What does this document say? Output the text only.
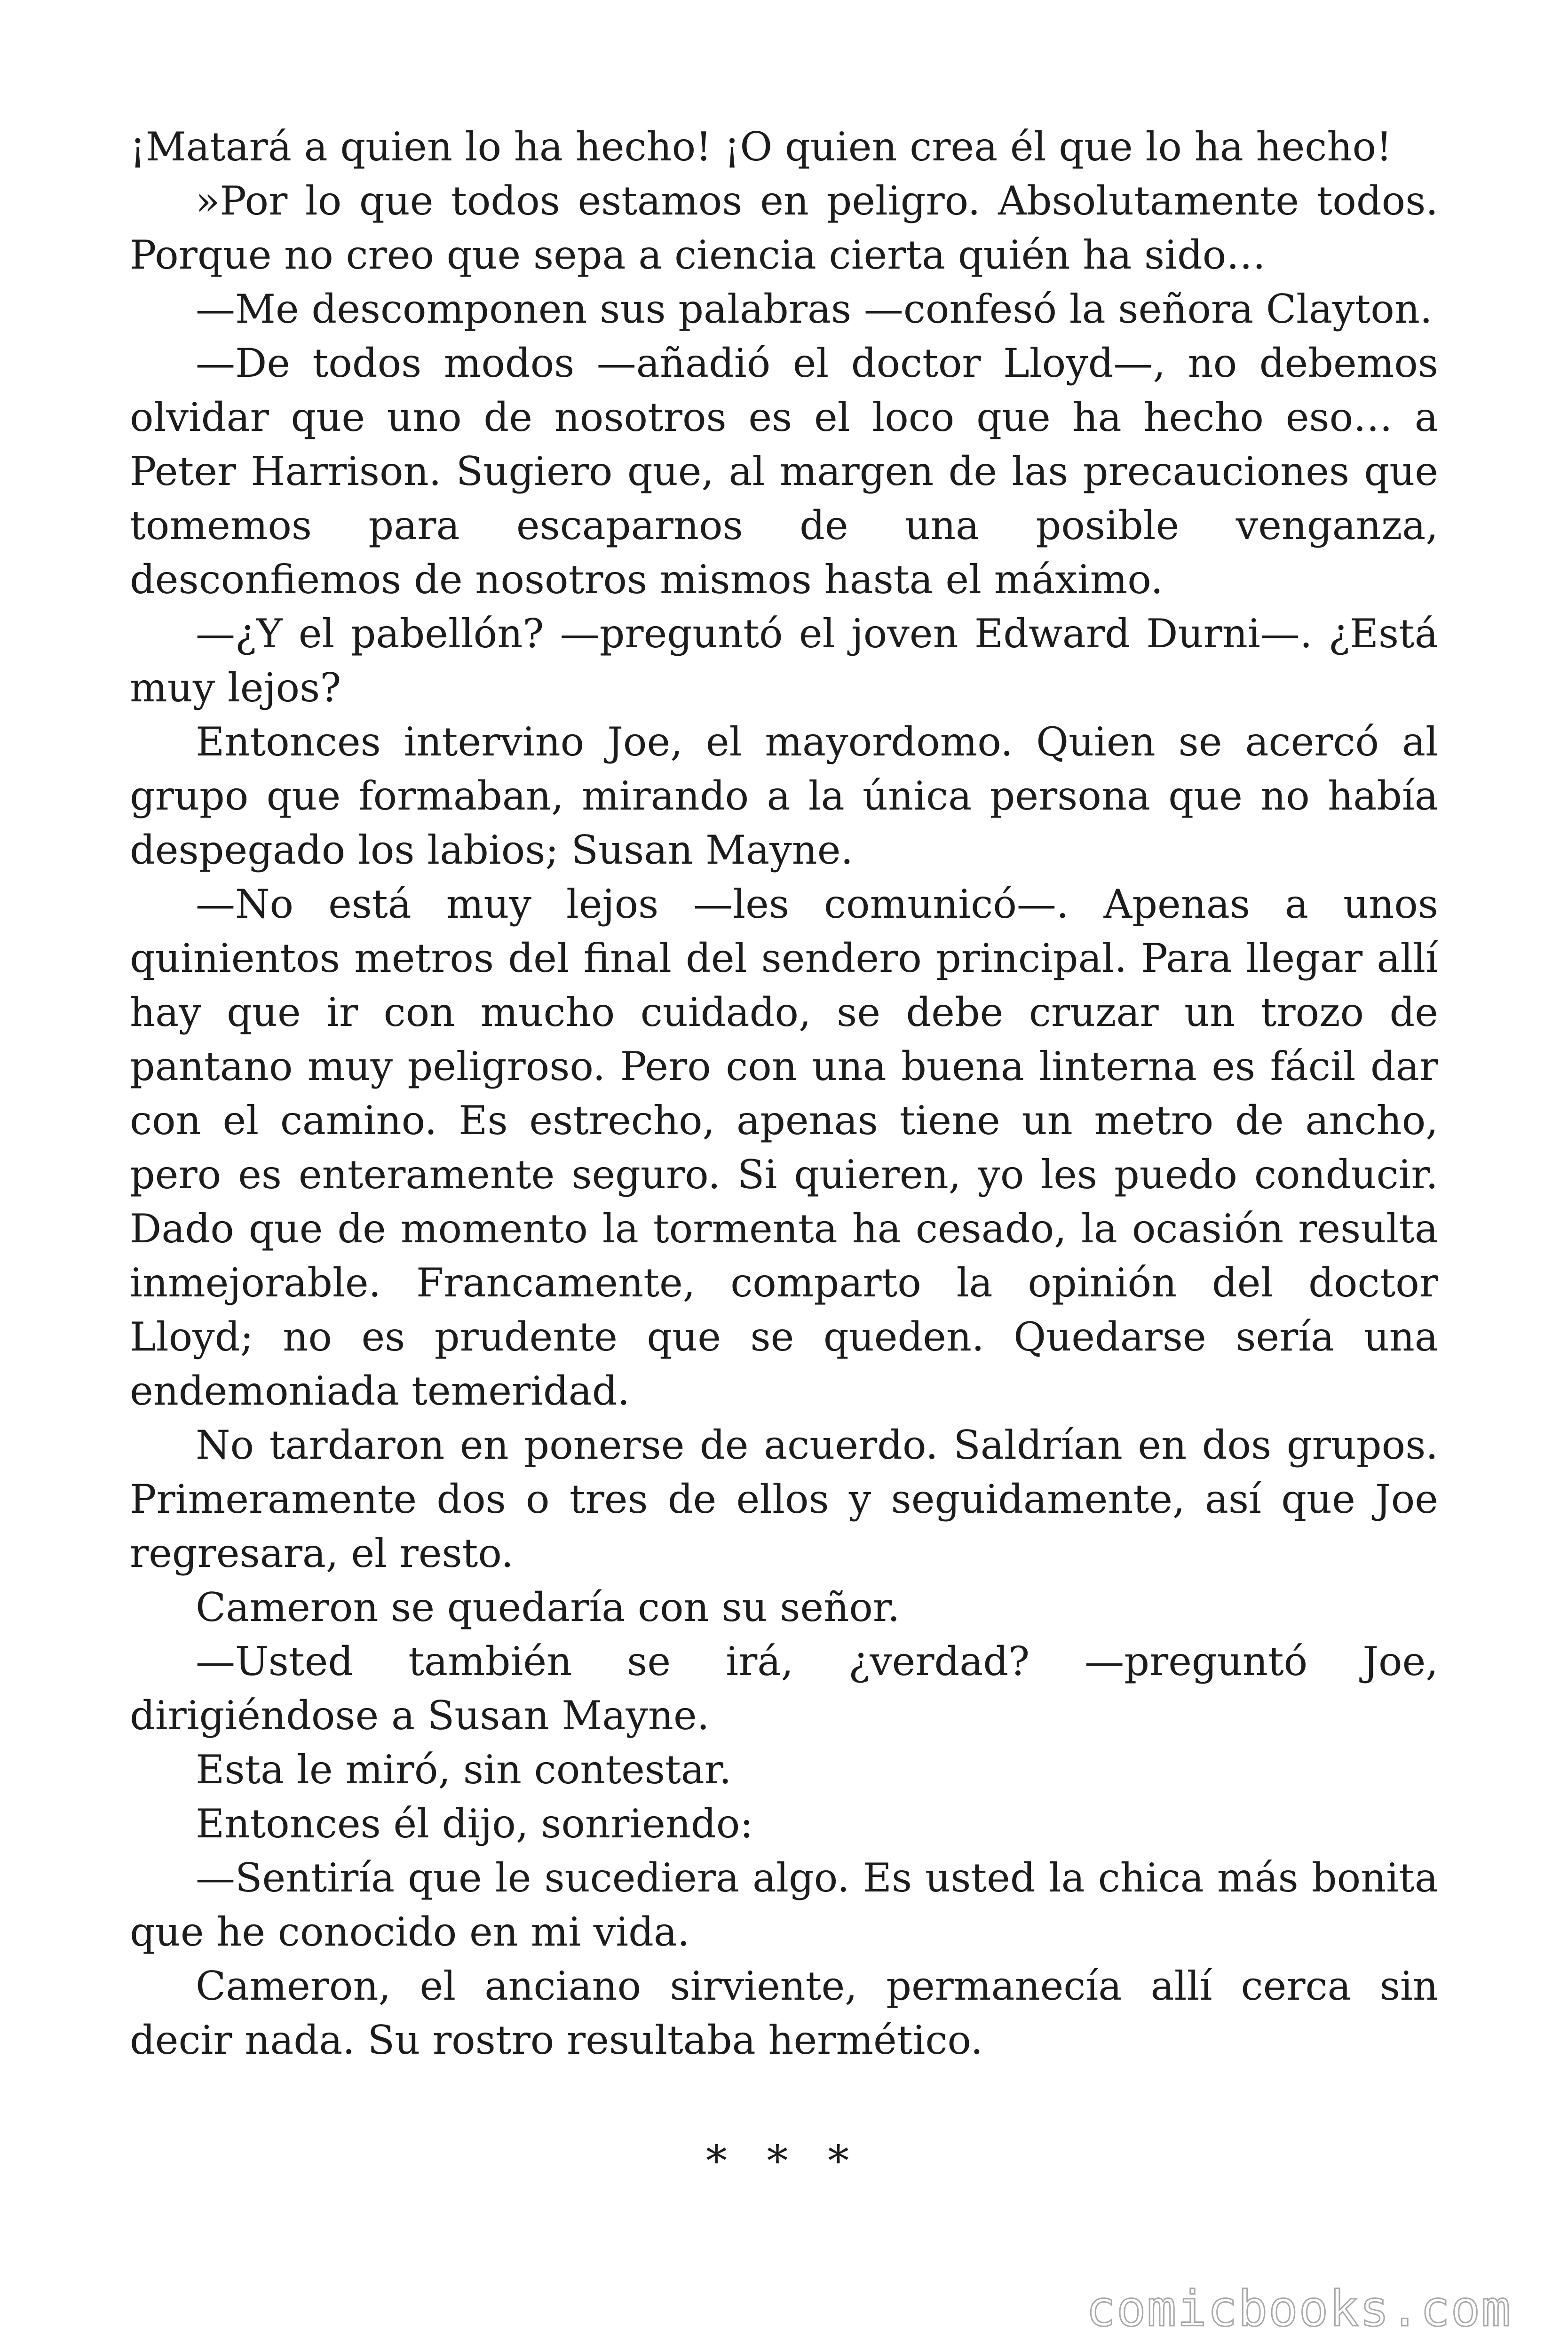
¡Matará a quien lo ha hecho! ¡O quien crea él que lo ha hecho!

»Por lo que todos estamos en peligro. Absolutamente todos. Porque no creo que sepa a ciencia cierta quién ha sido…

—Me descomponen sus palabras —confesó la señora Clayton.

—De todos modos —añadió el doctor Lloyd—, no debemos olvidar que uno de nosotros es el loco que ha hecho eso… a Peter Harrison. Sugiero que, al margen de las precauciones que tomemos para escaparnos de una posible venganza, desconfiemos de nosotros mismos hasta el máximo.

—¿Y el pabellón? —preguntó el joven Edward Durni—. ¿Está muy lejos?

Entonces intervino Joe, el mayordomo. Quien se acercó al grupo que formaban, mirando a la única persona que no había despegado los labios; Susan Mayne.

—No está muy lejos —les comunicó—. Apenas a unos quinientos metros del final del sendero principal. Para llegar allí hay que ir con mucho cuidado, se debe cruzar un trozo de pantano muy peligroso. Pero con una buena linterna es fácil dar con el camino. Es estrecho, apenas tiene un metro de ancho, pero es enteramente seguro. Si quieren, yo les puedo conducir. Dado que de momento la tormenta ha cesado, la ocasión resulta inmejorable. Francamente, comparto la opinión del doctor Lloyd; no es prudente que se queden. Quedarse sería una endemoniada temeridad.

No tardaron en ponerse de acuerdo. Saldrían en dos grupos. Primeramente dos o tres de ellos y seguidamente, así que Joe regresara, el resto.

Cameron se quedaría con su señor.

—Usted también se irá, ¿verdad? —preguntó Joe, dirigiéndose a Susan Mayne.

Esta le miró, sin contestar.

Entonces él dijo, sonriendo:

—Sentiría que le sucediera algo. Es usted la chica más bonita que he conocido en mi vida.

Cameron, el anciano sirviente, permanecía allí cerca sin decir nada. Su rostro resultaba hermético.

* * *
comicbooks.com
